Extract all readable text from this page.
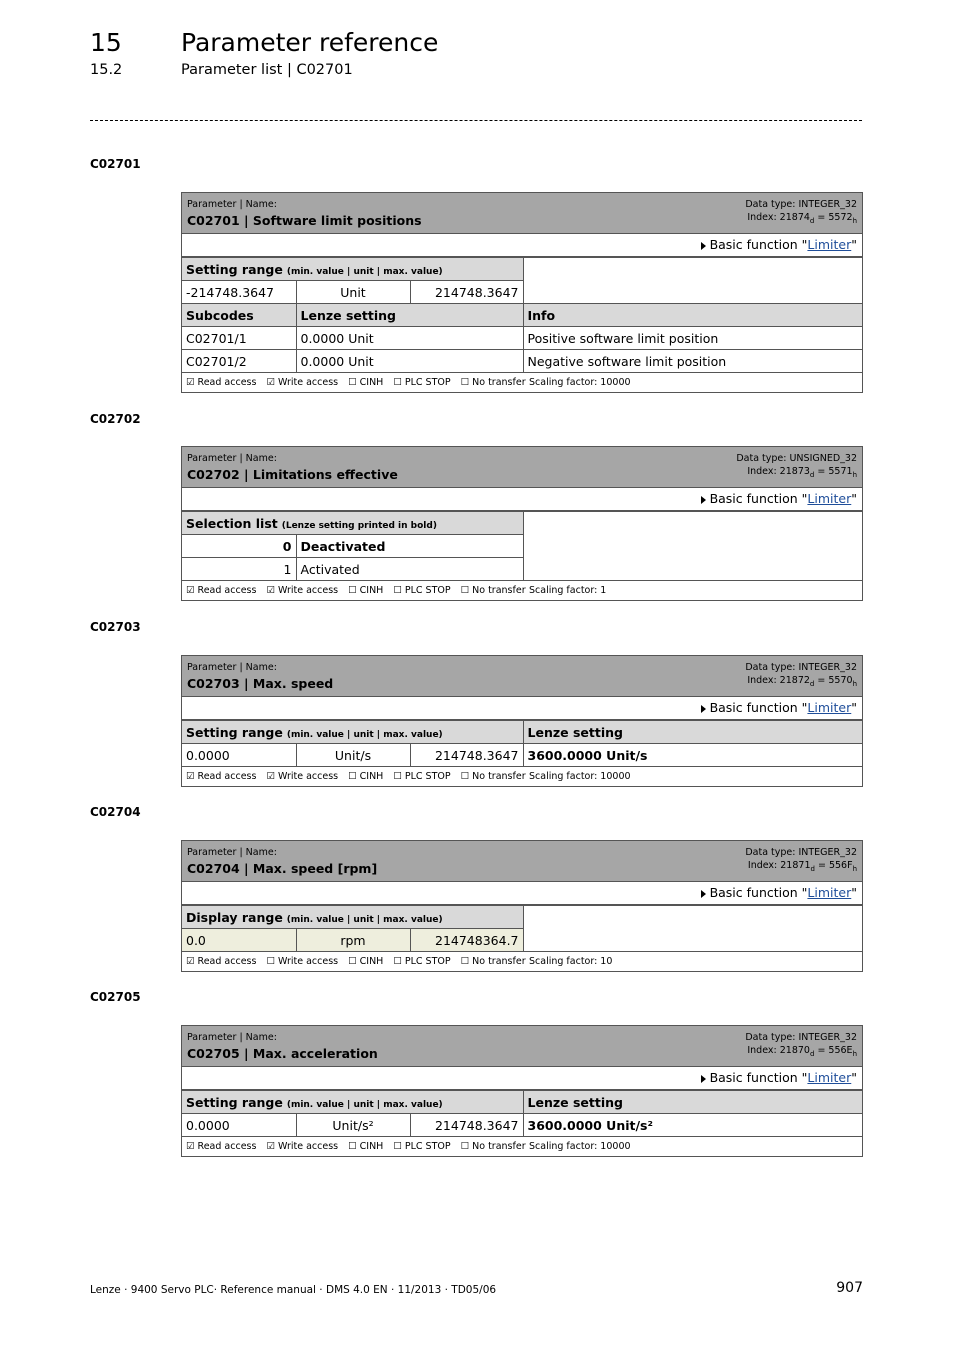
15 Parameter reference
15.2	Parameter list | C02701
C02701
Parameter | Name:
C02701 | Software limit positions
Data type: INTEGER_32
Index: $21874_d = 5572_h$
Basic function "Limiter"
Setting range (min. value | unit | max. value)			
-214748.3647	Unit	214748.3647	
Subcodes	Lenze setting		Info
C02701/1	0.0000 Unit		Positive software limit position
C02701/2	0.0000 Unit		Negative software limit position
☑ Read access ☑ Write access ☐ CINH ☐ PLC STOP ☐ No transfer Scaling factor: 10000
C02702
Parameter | Name:
C02702 | Limitations effective
Data type: UNSIGNED_32
Index: $21873_d = 5571_h$
Basic function "Limiter"
Selection list (Lenze setting printed in bold)		
0	Deactivated	
1	Activated	
☑ Read access ☑ Write access ☐ CINH ☐ PLC STOP ☐ No transfer Scaling factor: 1
C02703
Parameter | Name:
C02703 | Max. speed
Data type: INTEGER_32
Index: $21872_d = 5570_h$
Basic function "Limiter"
Setting range (min. value | unit | max. value)			Lenze setting
0.0000	Unit/s	214748.3647	3600.0000 Unit/s
☑ Read access ☑ Write access ☐ CINH ☐ PLC STOP ☐ No transfer Scaling factor: 10000
C02704
Parameter | Name:
C02704 | Max. speed [rpm]
Data type: INTEGER_32
Index: $21871_d = 556F_h$
Basic function "Limiter"
Display range (min. value | unit | max. value)			
0.0	rpm	214748364.7	
☑ Read access ☐ Write access ☐ CINH ☐ PLC STOP ☐ No transfer Scaling factor: 10
C02705
Parameter | Name:
C02705 | Max. acceleration
Data type: INTEGER_32
Index: $21870_d = 556E_h$
Basic function "Limiter"
Setting range (min. value | unit | max. value)			Lenze setting
0.0000	Unit/s²	214748.3647	3600.0000 Unit/s²
☑ Read access ☑ Write access ☐ CINH ☐ PLC STOP ☐ No transfer Scaling factor: 10000
Lenze · 9400 Servo PLC· Reference manual · DMS 4.0 EN · 11/2013 · TD05/06	907
